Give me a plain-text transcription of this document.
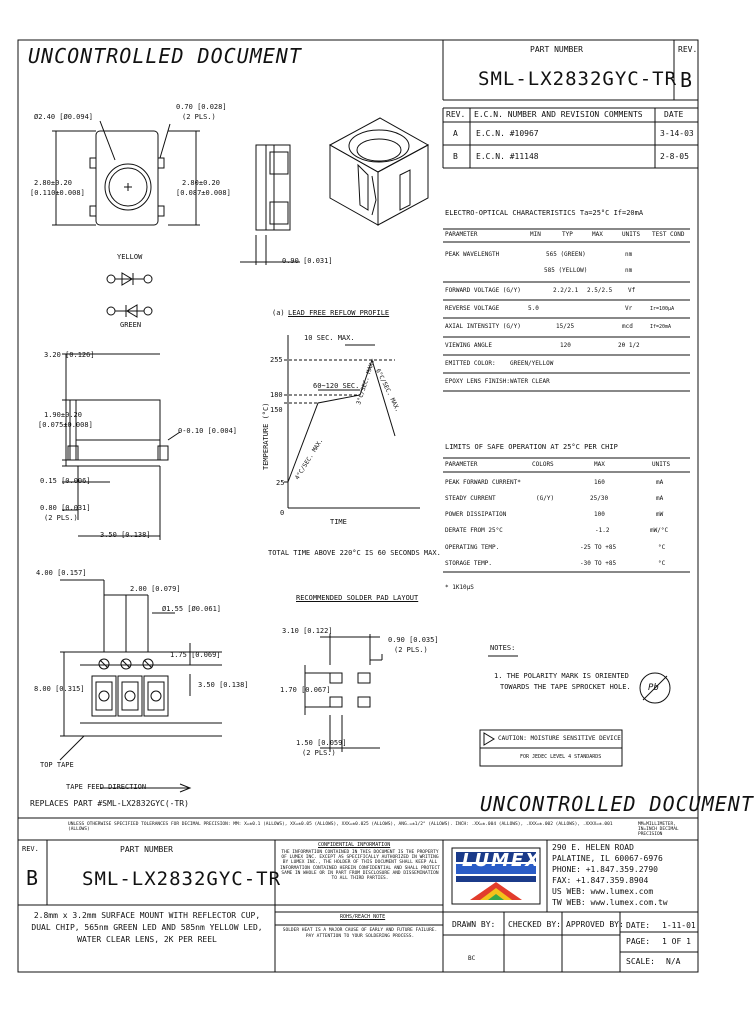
255
180
150
25
0
10 SEC. MAX.
60~120 SEC.
TIME
TEMPERATURE (°C)	4°C/SEC. MAX.
3°C/SEC. MAX.
6°C/SEC. MAX.
UNCONTROLLED DOCUMENT	PART NUMBER
SML-LX2832GYC-TR
REV.
B
REV. E.C.N. NUMBER AND REVISION COMMENTS	DATE
A E.C.N. #10967	3-14-03
B E.C.N. #11148	2-8-05
Ø2.40 [Ø0.094]
0.70 [0.028]
(2 PLS.)
2.80±0.20
[0.110±0.008]
2.80±0.20
[0.087±0.008]
0.90 [0.031]
YELLOW
GREEN
3.20 [0.126]
1.90±0.20
[0.075±0.008]
0-0.10 [0.004]
0.15 [0.006]
0.80 [0.031]
(2 PLS.)
3.50 [0.138]
(a) LEAD FREE REFLOW PROFILE
TOTAL TIME ABOVE 220°C IS 60 SECONDS MAX.
ELECTRO-OPTICAL CHARACTERISTICS Ta=25°C If=20mA
PARAMETER	MIN	TYP	MAX	UNITS TEST COND
PEAK WAVELENGTH	565 (GREEN)	nm
585 (YELLOW)	nm
FORWARD VOLTAGE (G/Y)	2.2/2.1 2.5/2.5	Vf
REVERSE VOLTAGE	5.0	Vr	Ir=100μA
AXIAL INTENSITY (G/Y)	15/25	mcd	If=20mA
VIEWING ANGLE	120	2θ 1/2
EMITTED COLOR: GREEN/YELLOW
EPOXY LENS FINISH: WATER CLEAR
LIMITS OF SAFE OPERATION AT 25°C PER CHIP
PARAMETER	COLORS	MAX	UNITS
PEAK FORWARD CURRENT*	160	mA
STEADY CURRENT	(G/Y)	25/30	mA
POWER DISSIPATION	100	mW
DERATE FROM 25°C	-1.2	mW/°C
OPERATING TEMP.	-25 TO +85	°C
STORAGE TEMP.	-30 TO +85	°C
* 1K10μS
4.00 [0.157]
2.00 [0.079]
Ø1.55 [Ø0.061]
1.75 [0.069]
8.00 [0.315]	3.50 [0.138]
TOP TAPE
TAPE FEED DIRECTION
RECOMMENDED SOLDER PAD LAYOUT
3.10 [0.122]
0.90 [0.035]
(2 PLS.)
1.70 [0.067]
1.50 [0.059]
(2 PLS.)
NOTES:
1. THE POLARITY MARK IS ORIENTED
TOWARDS THE TAPE SPROCKET HOLE. Pb
CAUTION: MOISTURE SENSITIVE DEVICE
FOR JEDEC LEVEL 4 STANDARDS
UNCONTROLLED DOCUMENT
REPLACES PART #SML-LX2832GYC(-TR)
UNLESS OTHERWISE SPECIFIED TOLERANCES FOR DECIMAL PRECISION: MM: X=±0.1 (ALLOWS), XX=±0.05 (ALLOWS), XXX=±0.025 (ALLOWS), ANG.=±1/2° (ALLOWS). INCH: .XX=±.004 (ALLOWS), .XXX=±.002 (ALLOWS), .XXXX=±.001 (ALLOWS)
MM=MILLIMETER, IN=INCH DECIMAL PRECISION
REV.
B
PART NUMBER
SML-LX2832GYC-TR
CONFIDENTIAL INFORMATION
THE INFORMATION CONTAINED IN THIS DOCUMENT IS THE PROPERTY OF LUMEX INC. EXCEPT AS SPECIFICALLY AUTHORIZED IN WRITING BY LUMEX INC., THE HOLDER OF THIS DOCUMENT SHALL KEEP ALL INFORMATION CONTAINED HEREIN CONFIDENTIAL AND SHALL PROTECT SAME IN WHOLE OR IN PART FROM DISCLOSURE AND DISSEMINATION TO ALL THIRD PARTIES.
LUMEX
290 E. HELEN ROAD
PALATINE, IL 60067-6976
PHONE: +1.847.359.2790
FAX: +1.847.359.8904
US WEB: www.lumex.com
TW WEB: www.lumex.com.tw
2.8mm x 3.2mm SURFACE MOUNT WITH REFLECTOR CUP, DUAL CHIP, 565nm GREEN LED AND 585nm YELLOW LED, WATER CLEAR LENS, 2K PER REEL
ROHS/REACH NOTE
SOLDER HEAT IS A MAJOR CAUSE OF EARLY AND FUTURE FAILURE. PAY ATTENTION TO YOUR SOLDERING PROCESS.
DRAWN BY:
BC
CHECKED BY: APPROVED BY: DATE: 1-11-01
PAGE: 1 OF 1
SCALE: N/A
